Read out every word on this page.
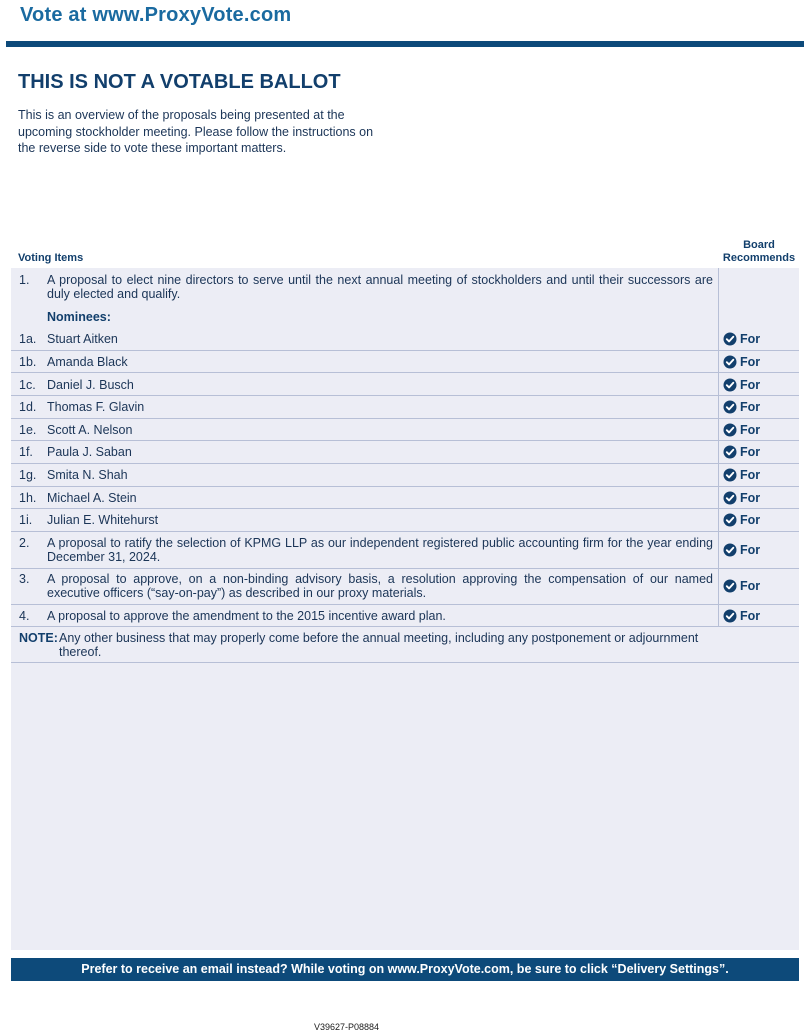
Vote at www.ProxyVote.com
THIS IS NOT A VOTABLE BALLOT
This is an overview of the proposals being presented at the
upcoming stockholder meeting. Please follow the instructions on
the reverse side to vote these important matters.
Voting Items
Board
Recommends
1. A proposal to elect nine directors to serve until the next annual meeting of stockholders and until their successors are duly elected and qualify.
Nominees:
1a. Stuart Aitken	For
1b. Amanda Black	For
1c. Daniel J. Busch	For
1d. Thomas F. Glavin	For
1e. Scott A. Nelson	For
1f. Paula J. Saban	For
1g. Smita N. Shah	For
1h. Michael A. Stein	For
1i. Julian E. Whitehurst	For
2. A proposal to ratify the selection of KPMG LLP as our independent registered public accounting firm for the year ending December 31, 2024.	For
3. A proposal to approve, on a non-binding advisory basis, a resolution approving the compensation of our named executive officers (“say-on-pay”) as described in our proxy materials.	For
4. A proposal to approve the amendment to the 2015 incentive award plan.	For
NOTE: Any other business that may properly come before the annual meeting, including any postponement or adjournment
thereof.
Prefer to receive an email instead? While voting on www.ProxyVote.com, be sure to click “Delivery Settings”.
V39627-P08884
